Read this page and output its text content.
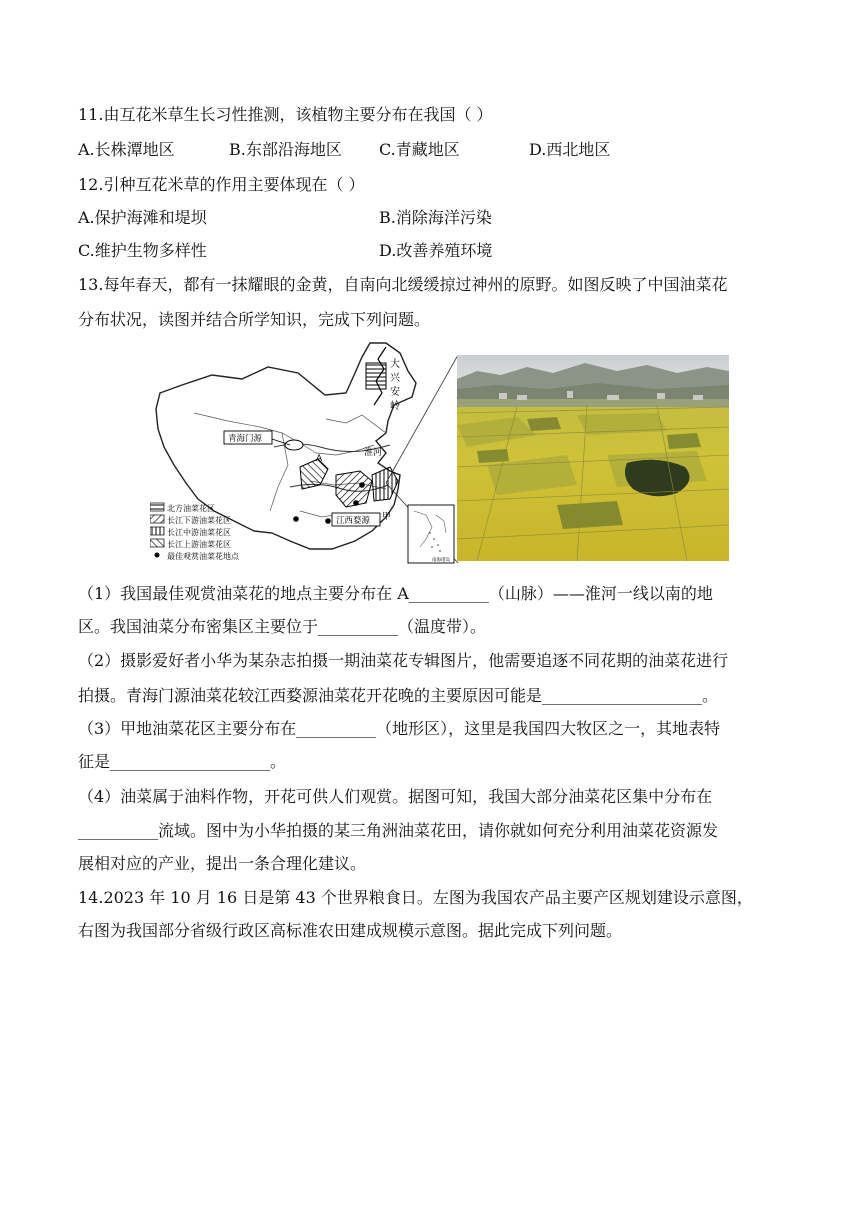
11.由互花米草生长习性推测，该植物主要分布在我国（ ）
A.长株潭地区	B.东部沿海地区 C.青藏地区	D.西北地区
12.引种互花米草的作用主要体现在（ ）
A.保护海滩和堤坝	B.消除海洋污染
C.维护生物多样性	D.改善养殖环境
13.每年春天，都有一抹耀眼的金黄，自南向北缓缓掠过神州的原野。如图反映了中国油菜花
分布状况，读图并结合所学知识，完成下列问题。
大
兴
安
岭
淮河
A
甲
青海门源
江西婺源
北方油菜花区
长江下游油菜花区
长江中游油菜花区
长江上游油菜花区
最佳观赏油菜花地点	南海诸岛
（1）我国最佳观赏油菜花的地点主要分布在 A__________（山脉）——淮河一线以南的地
区。我国油菜分布密集区主要位于__________（温度带）。
（2）摄影爱好者小华为某杂志拍摄一期油菜花专辑图片，他需要追逐不同花期的油菜花进行
拍摄。青海门源油菜花较江西婺源油菜花开花晚的主要原因可能是____________________。
（3）甲地油菜花区主要分布在__________（地形区），这里是我国四大牧区之一，其地表特
征是____________________。
（4）油菜属于油料作物，开花可供人们观赏。据图可知，我国大部分油菜花区集中分布在
__________流域。图中为小华拍摄的某三角洲油菜花田，请你就如何充分利用油菜花资源发
展相对应的产业，提出一条合理化建议。
14.2023 年 10 月 16 日是第 43 个世界粮食日。左图为我国农产品主要产区规划建设示意图，
右图为我国部分省级行政区高标准农田建成规模示意图。据此完成下列问题。
